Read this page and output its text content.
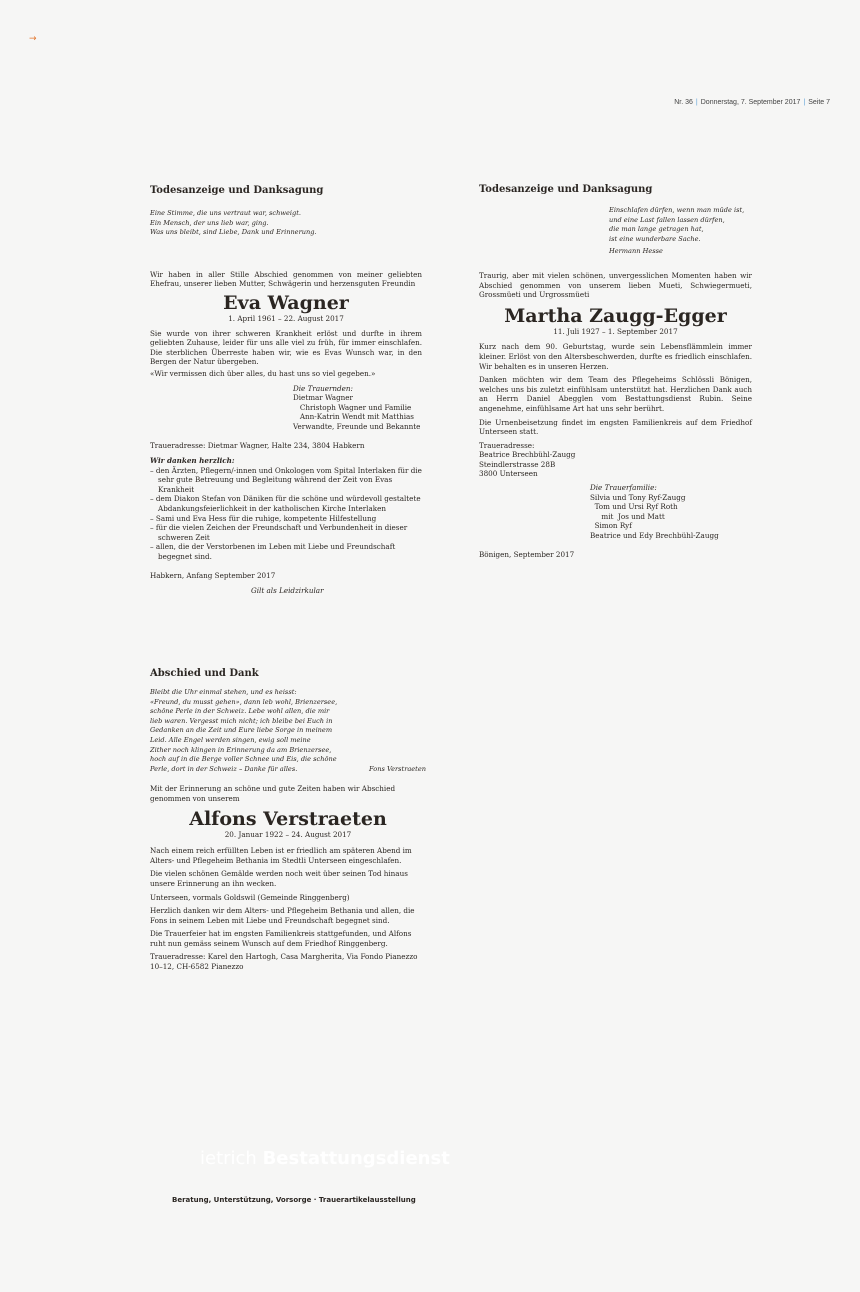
→
Nr. 36 | Donnerstag, 7. September 2017 | Seite 7
Todesanzeige und Danksagung
Eine Stimme, die uns vertraut war, schweigt.
Ein Mensch, der uns lieb war, ging.
Was uns bleibt, sind Liebe, Dank und Erinnerung.

Wir haben in aller Stille Abschied genommen von meiner geliebten Ehefrau, unserer lieben Mutter, Schwägerin und herzensguten Freundin

Eva Wagner
1. April 1961 – 22. August 2017

Sie wurde von ihrer schweren Krankheit erlöst und durfte in ihrem geliebten Zuhause, leider für uns alle viel zu früh, für immer einschlafen. Die sterblichen Überreste haben wir, wie es Evas Wunsch war, in den Bergen der Natur übergeben.

«Wir vermissen dich über alles, du hast uns so viel gegeben.»

Die Trauernden:
Dietmar Wagner
Christoph Wagner und Familie
Ann-Katrin Wendt mit Matthias
Verwandte, Freunde und Bekannte

Traueradresse: Dietmar Wagner, Halte 234, 3804 Habkern

Wir danken herzlich:

– den Ärzten, Pflegern/-innen und Onkologen vom Spital Interlaken für die sehr gute Betreuung und Begleitung während der Zeit von Evas Krankheit
– dem Diakon Stefan von Däniken für die schöne und würdevoll gestaltete Abdankungsfeierlichkeit in der katholischen Kirche Interlaken
– Sami und Eva Hess für die ruhige, kompetente Hilfestellung
– für die vielen Zeichen der Freundschaft und Verbundenheit in dieser schweren Zeit
– allen, die der Verstorbenen im Leben mit Liebe und Freundschaft begegnet sind.

Habkern, Anfang September 2017

Gilt als Leidzirkular

Todesanzeige und Danksagung
Einschlafen dürfen, wenn man müde ist,
und eine Last fallen lassen dürfen,
die man lange getragen hat,
ist eine wunderbare Sache.
Hermann Hesse

Traurig, aber mit vielen schönen, unvergesslichen Momenten haben wir Abschied genommen von unserem lieben Mueti, Schwiegermueti, Grossmüeti und Urgrossmüeti

Martha Zaugg-Egger
11. Juli 1927 – 1. September 2017

Kurz nach dem 90. Geburtstag, wurde sein Lebensflämmlein immer kleiner. Erlöst von den Altersbeschwerden, durfte es friedlich einschlafen. Wir behalten es in unseren Herzen.

Danken möchten wir dem Team des Pflegeheims Schlössli Bönigen, welches uns bis zuletzt einfühlsam unterstützt hat. Herzlichen Dank auch an Herrn Daniel Abegglen vom Bestattungsdienst Rubin. Seine angenehme, einfühlsame Art hat uns sehr berührt.

Die Urnenbeisetzung findet im engsten Familienkreis auf dem Friedhof Unterseen statt.

Traueradresse:
Beatrice Brechbühl-Zaugg
Steindlerstrasse 28B
3800 Unterseen
Die Trauerfamilie:
Silvia und Tony Ryf-Zaugg
Tom und Ursi Ryf Roth
mit  Jos und Matt
Simon Ryf
Beatrice und Edy Brechbühl-Zaugg

Bönigen, September 2017

Abschied und Dank
Bleibt die Uhr einmal stehen, und es heisst:
«Freund, du musst gehen», dann leb wohl, Brienzersee,
schöne Perle in der Schweiz. Lebe wohl allen, die mir
lieb waren. Vergesst mich nicht; ich bleibe bei Euch in
Gedanken an die Zeit und Eure liebe Sorge in meinem
Leid. Alle Engel werden singen, ewig soll meine
Zither noch klingen in Erinnerung da am Brienzersee,
hoch auf in die Berge voller Schnee und Eis, die schöne
Perle, dort in der Schweiz – Danke für alles.	Fons Verstraeten

Mit der Erinnerung an schöne und gute Zeiten haben wir Abschied genommen von unserem

Alfons Verstraeten
20. Januar 1922 – 24. August 2017

Nach einem reich erfüllten Leben ist er friedlich am späteren Abend im Alters- und Pflegeheim Bethania im Stedtli Unterseen eingeschlafen.

Die vielen schönen Gemälde werden noch weit über seinen Tod hinaus unsere Erinnerung an ihn wecken.

Unterseen, vormals Goldswil (Gemeinde Ringgenberg)

Herzlich danken wir dem Alters- und Pflegeheim Bethania und allen, die Fons in seinem Leben mit Liebe und Freundschaft begegnet sind.

Die Trauerfeier hat im engsten Familienkreis stattgefunden, und Alfons ruht nun gemäss seinem Wunsch auf dem Friedhof Ringgenberg.

Traueradresse: Karel den Hartogh, Casa Margherita, Via Fondo Pianezzo 10–12, CH-6582 Pianezzo

ietrich Bestattungsdienst
Beratung, Unterstützung, Vorsorge · Trauerartikelausstellung
